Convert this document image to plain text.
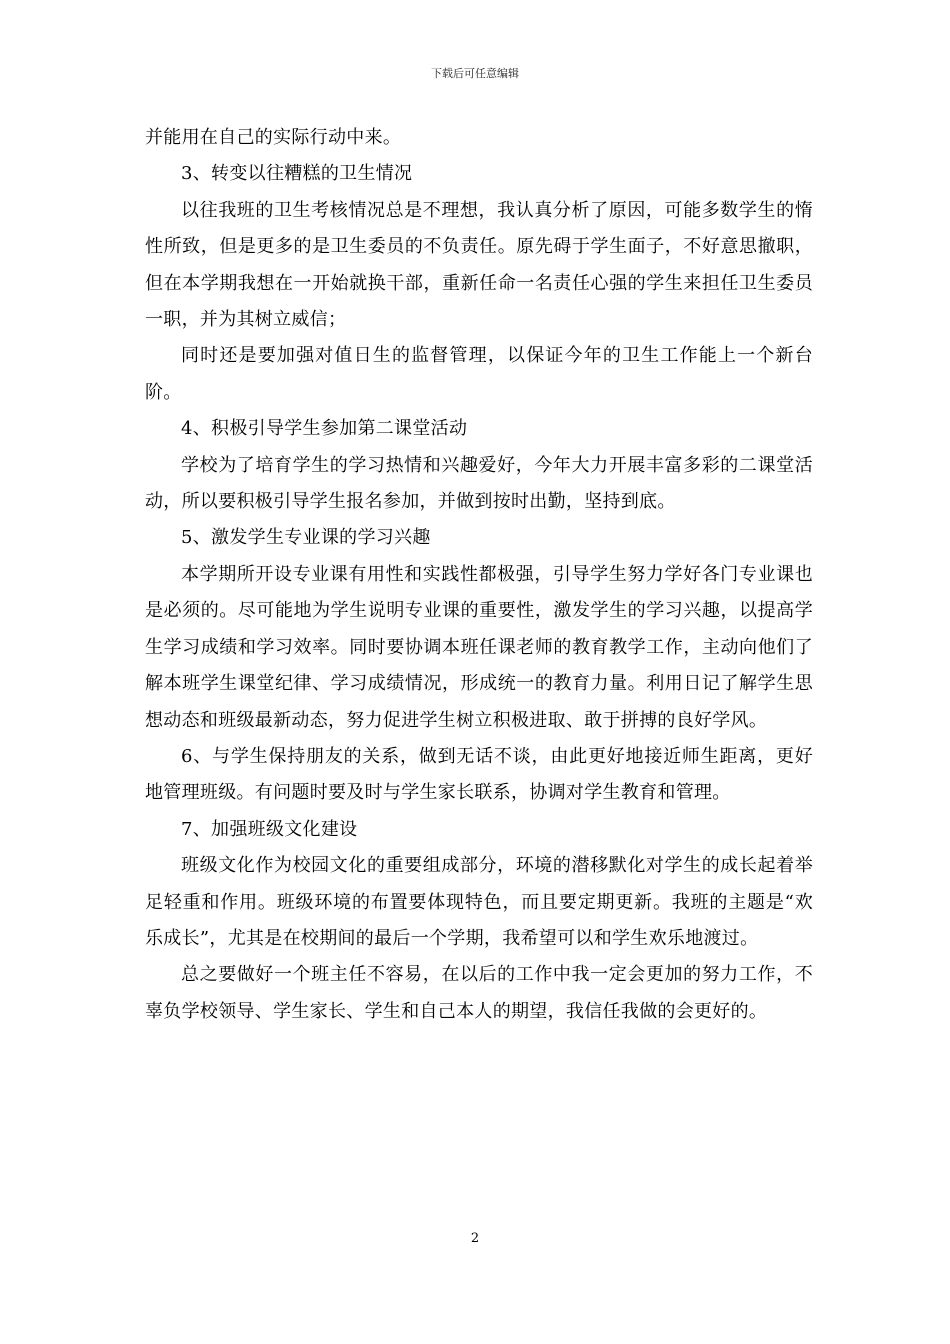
下载后可任意编辑

并能用在自己的实际行动中来。

3、转变以往糟糕的卫生情况

以往我班的卫生考核情况总是不理想，我认真分析了原因，可能多数学生的惰性所致，但是更多的是卫生委员的不负责任。原先碍于学生面子，不好意思撤职，但在本学期我想在一开始就换干部，重新任命一名责任心强的学生来担任卫生委员一职，并为其树立威信；

同时还是要加强对值日生的监督管理，以保证今年的卫生工作能上一个新台阶。

4、积极引导学生参加第二课堂活动

学校为了培育学生的学习热情和兴趣爱好，今年大力开展丰富多彩的二课堂活动，所以要积极引导学生报名参加，并做到按时出勤，坚持到底。

5、激发学生专业课的学习兴趣

本学期所开设专业课有用性和实践性都极强，引导学生努力学好各门专业课也是必须的。尽可能地为学生说明专业课的重要性，激发学生的学习兴趣，以提高学生学习成绩和学习效率。同时要协调本班任课老师的教育教学工作，主动向他们了解本班学生课堂纪律、学习成绩情况，形成统一的教育力量。利用日记了解学生思想动态和班级最新动态，努力促进学生树立积极进取、敢于拼搏的良好学风。

6、与学生保持朋友的关系，做到无话不谈，由此更好地接近师生距离，更好地管理班级。有问题时要及时与学生家长联系，协调对学生教育和管理。

7、加强班级文化建设

班级文化作为校园文化的重要组成部分，环境的潜移默化对学生的成长起着举足轻重和作用。班级环境的布置要体现特色，而且要定期更新。我班的主题是“欢乐成长”，尤其是在校期间的最后一个学期，我希望可以和学生欢乐地渡过。

总之要做好一个班主任不容易，在以后的工作中我一定会更加的努力工作，不辜负学校领导、学生家长、学生和自己本人的期望，我信任我做的会更好的。

2
